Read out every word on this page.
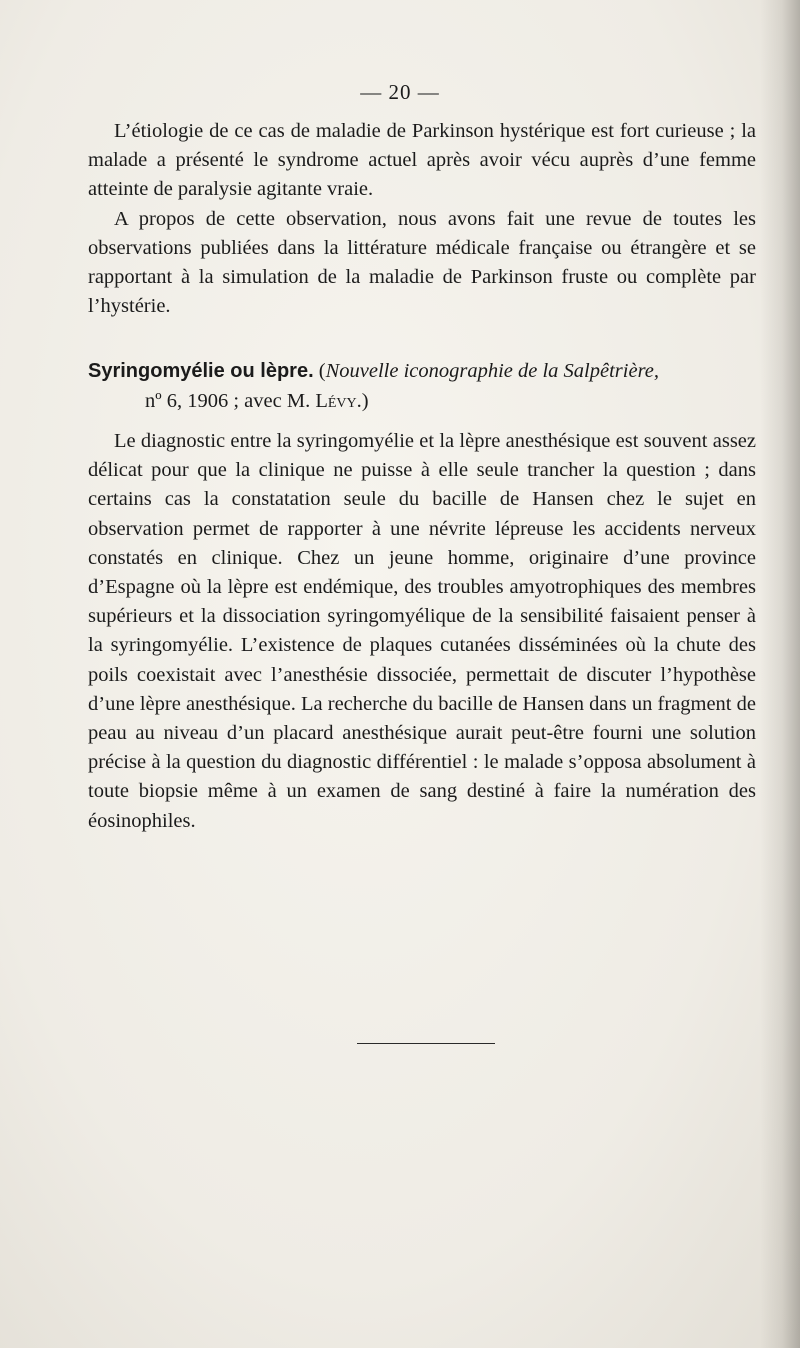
— 20 —

L’étiologie de ce cas de maladie de Parkinson hystérique est fort curieuse ; la malade a présenté le syndrome actuel après avoir vécu auprès d’une femme atteinte de paralysie agitante vraie.

A propos de cette observation, nous avons fait une revue de toutes les observations publiées dans la littérature médicale française ou étrangère et se rapportant à la simulation de la maladie de Parkinson fruste ou complète par l’hystérie.

Syringomyélie ou lèpre. (Nouvelle iconographie de la Salpêtrière,
nº 6, 1906 ; avec M. Lévy.)

Le diagnostic entre la syringomyélie et la lèpre anesthésique est souvent assez délicat pour que la clinique ne puisse à elle seule trancher la question ; dans certains cas la constatation seule du bacille de Hansen chez le sujet en observation permet de rapporter à une névrite lépreuse les accidents nerveux constatés en clinique. Chez un jeune homme, originaire d’une province d’Espagne où la lèpre est endémique, des troubles amyotrophiques des membres supérieurs et la dissociation syringomyélique de la sensibilité faisaient penser à la syringomyélie. L’existence de plaques cutanées disséminées où la chute des poils coexistait avec l’anesthésie dissociée, permettait de discuter l’hypothèse d’une lèpre anesthésique. La recherche du bacille de Hansen dans un fragment de peau au niveau d’un placard anesthésique aurait peut-être fourni une solution précise à la question du diagnostic différentiel : le malade s’opposa absolument à toute biopsie même à un examen de sang destiné à faire la numération des éosinophiles.
